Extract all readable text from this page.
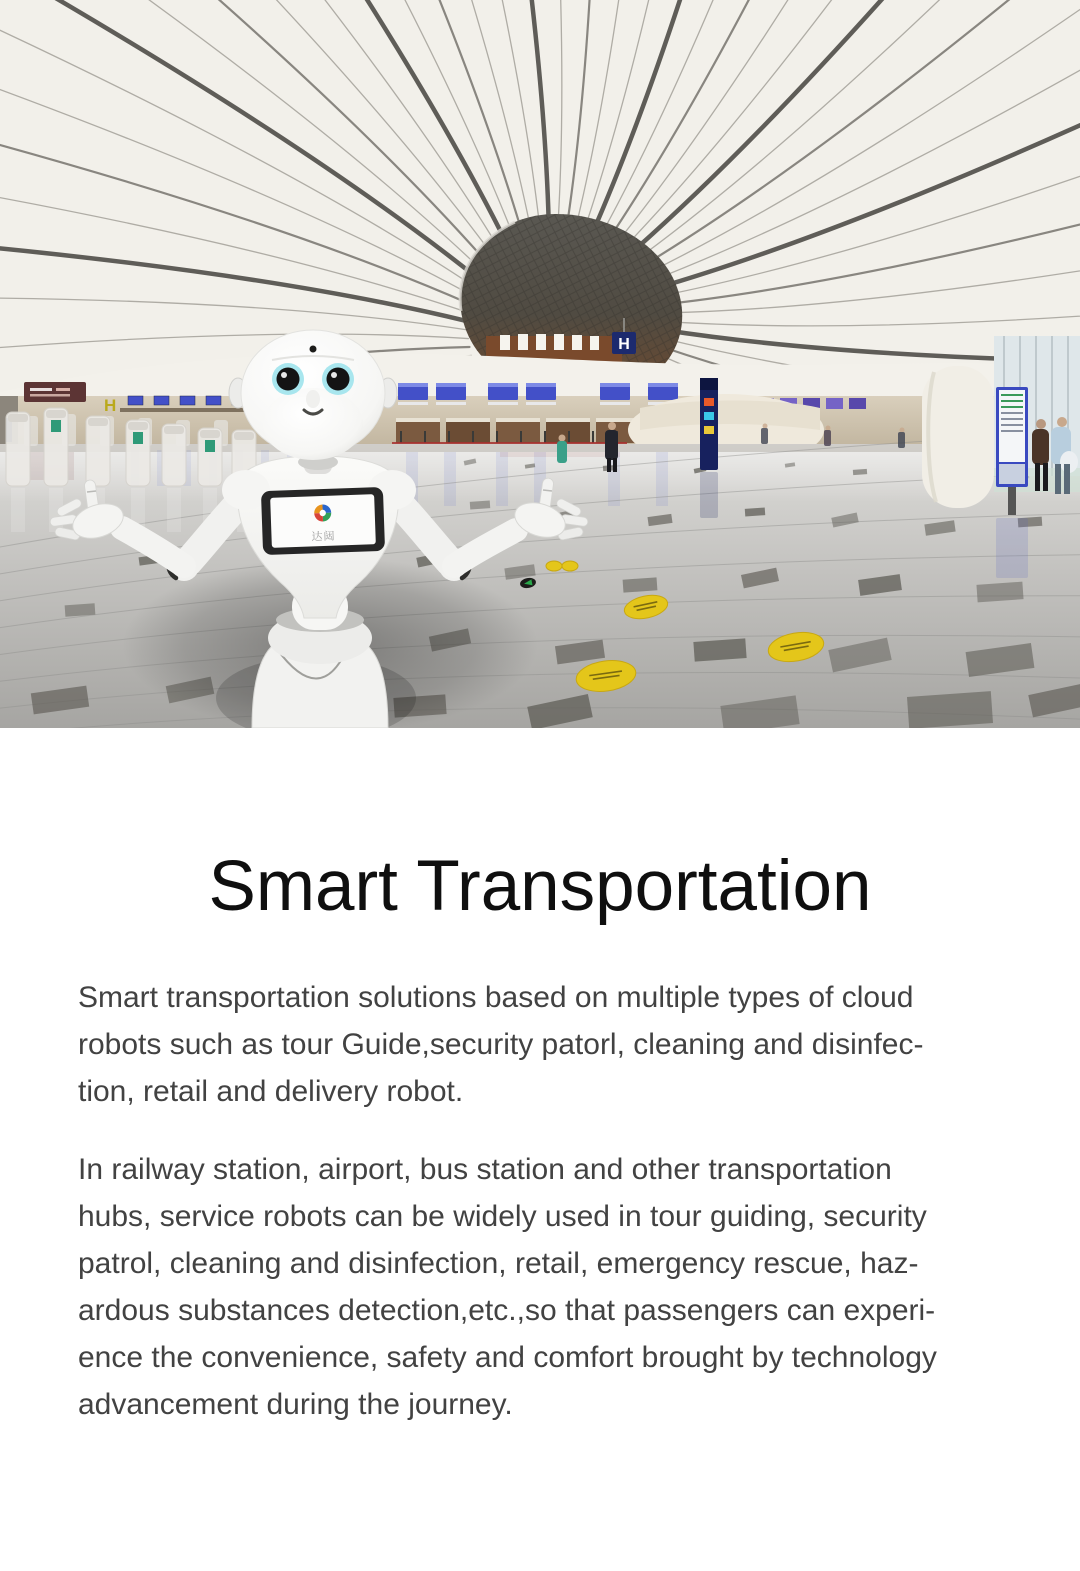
H
H
达闼
Smart Transportation

Smart transportation solutions based on multiple types of cloud
robots such as tour Guide,security patorl, cleaning and disinfec-
tion, retail and delivery robot.

In railway station, airport, bus station and other transportation
hubs, service robots can be widely used in tour guiding, security
patrol, cleaning and disinfection, retail, emergency rescue, haz-
ardous substances detection,etc.,so that passengers can experi-
ence the convenience, safety and comfort brought by technology
advancement during the journey.
